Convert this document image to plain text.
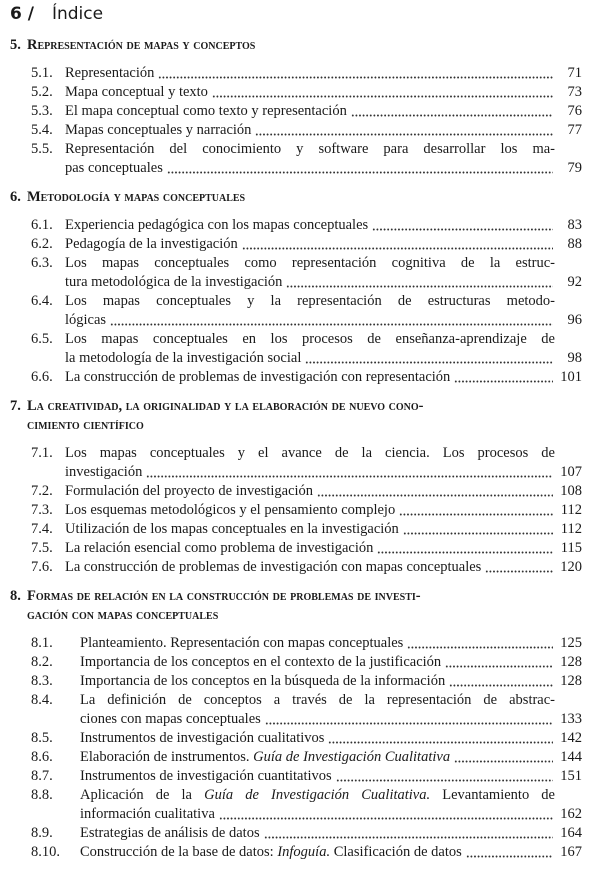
6 / Índice
5. Representación de mapas y conceptos
5.1. Representación	71
5.2. Mapa conceptual y texto	73
5.3. El mapa conceptual como texto y representación	76
5.4. Mapas conceptuales y narración	77
5.5. Representación del conocimiento y software para desarrollar los ma-
pas conceptuales	79
6. Metodología y mapas conceptuales
6.1. Experiencia pedagógica con los mapas conceptuales	83
6.2. Pedagogía de la investigación	88
6.3. Los mapas conceptuales como representación cognitiva de la estruc-
tura metodológica de la investigación	92
6.4. Los mapas conceptuales y la representación de estructuras metodo-
lógicas	96
6.5. Los mapas conceptuales en los procesos de enseñanza-aprendizaje de
la metodología de la investigación social	98
6.6. La construcción de problemas de investigación con representación	101
7. La creatividad, la originalidad y la elaboración de nuevo cono-
cimiento científico
7.1. Los mapas conceptuales y el avance de la ciencia. Los procesos de
investigación	107
7.2. Formulación del proyecto de investigación	108
7.3. Los esquemas metodológicos y el pensamiento complejo	112
7.4. Utilización de los mapas conceptuales en la investigación	112
7.5. La relación esencial como problema de investigación	115
7.6. La construcción de problemas de investigación con mapas conceptuales	120
8. Formas de relación en la construcción de problemas de investi-
gación con mapas conceptuales
8.1. Planteamiento. Representación con mapas conceptuales	125
8.2. Importancia de los conceptos en el contexto de la justificación	128
8.3. Importancia de los conceptos en la búsqueda de la información	128
8.4. La definición de conceptos a través de la representación de abstrac-
ciones con mapas conceptuales	133
8.5. Instrumentos de investigación cualitativos	142
8.6. Elaboración de instrumentos. Guía de Investigación Cualitativa	144
8.7. Instrumentos de investigación cuantitativos	151
8.8. Aplicación de la Guía de Investigación Cualitativa. Levantamiento de
información cualitativa	162
8.9. Estrategias de análisis de datos	164
8.10. Construcción de la base de datos: Infoguía. Clasificación de datos	167
